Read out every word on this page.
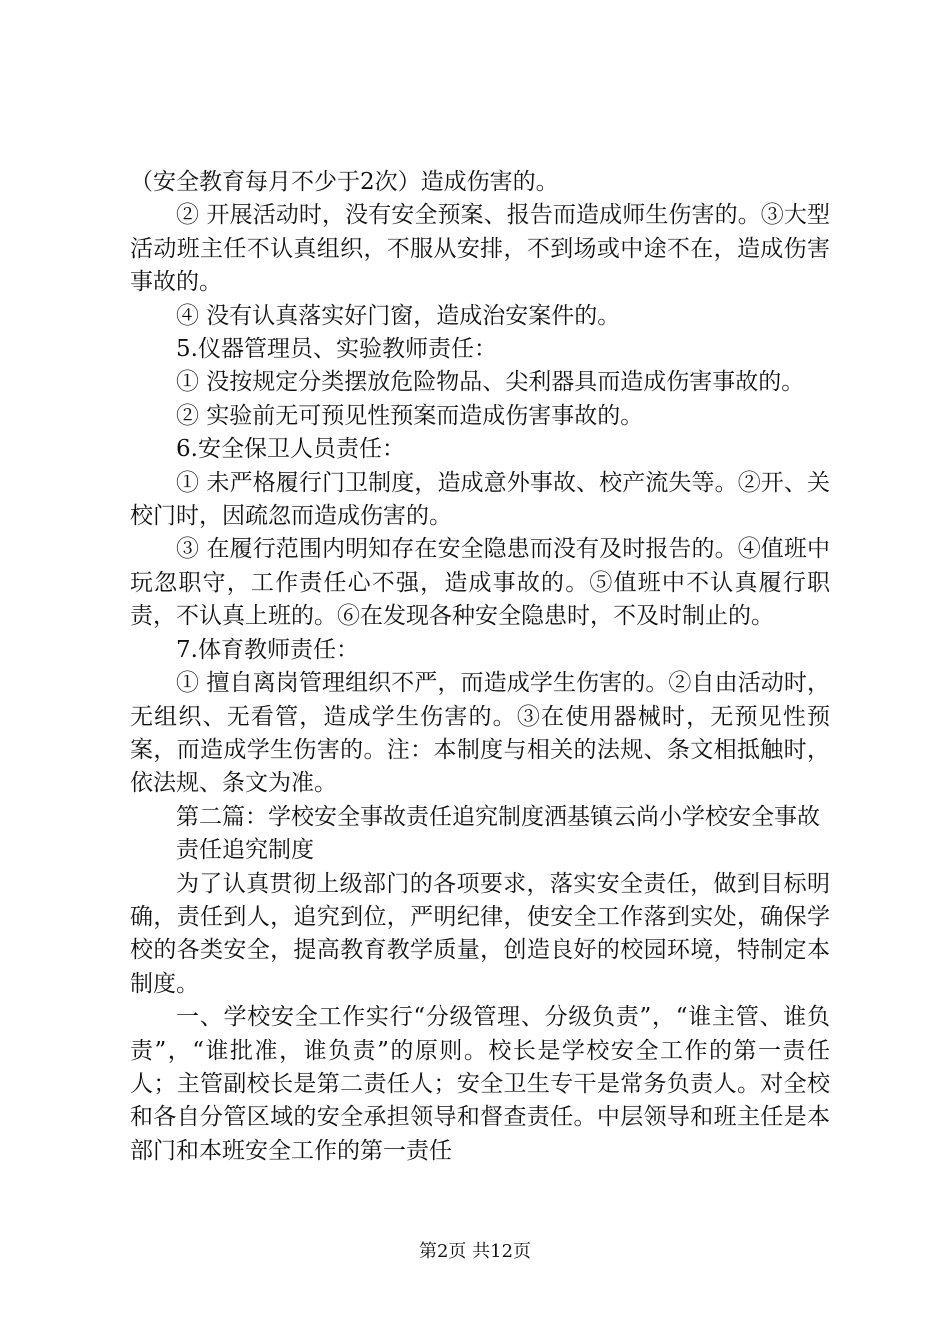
（安全教育每月不少于2次）造成伤害的。

② 开展活动时，没有安全预案、报告而造成师生伤害的。③大型活动班主任不认真组织，不服从安排，不到场或中途不在，造成伤害事故的。

④ 没有认真落实好门窗，造成治安案件的。

5.仪器管理员、实验教师责任：

① 没按规定分类摆放危险物品、尖利器具而造成伤害事故的。

② 实验前无可预见性预案而造成伤害事故的。

6.安全保卫人员责任：

① 未严格履行门卫制度，造成意外事故、校产流失等。②开、关校门时，因疏忽而造成伤害的。

③ 在履行范围内明知存在安全隐患而没有及时报告的。④值班中玩忽职守，工作责任心不强，造成事故的。⑤值班中不认真履行职责，不认真上班的。⑥在发现各种安全隐患时，不及时制止的。

7.体育教师责任：

① 擅自离岗管理组织不严，而造成学生伤害的。②自由活动时，无组织、无看管，造成学生伤害的。③在使用器械时，无预见性预案，而造成学生伤害的。注：本制度与相关的法规、条文相抵触时，依法规、条文为准。

第二篇：学校安全事故责任追究制度洒基镇云尚小学校安全事故

责任追究制度

为了认真贯彻上级部门的各项要求，落实安全责任，做到目标明确，责任到人，追究到位，严明纪律，使安全工作落到实处，确保学校的各类安全，提高教育教学质量，创造良好的校园环境，特制定本制度。

一、学校安全工作实行“分级管理、分级负责”，“谁主管、谁负责”，“谁批准，谁负责”的原则。校长是学校安全工作的第一责任人；主管副校长是第二责任人；安全卫生专干是常务负责人。对全校和各自分管区域的安全承担领导和督查责任。中层领导和班主任是本部门和本班安全工作的第一责任

第2页 共12页
